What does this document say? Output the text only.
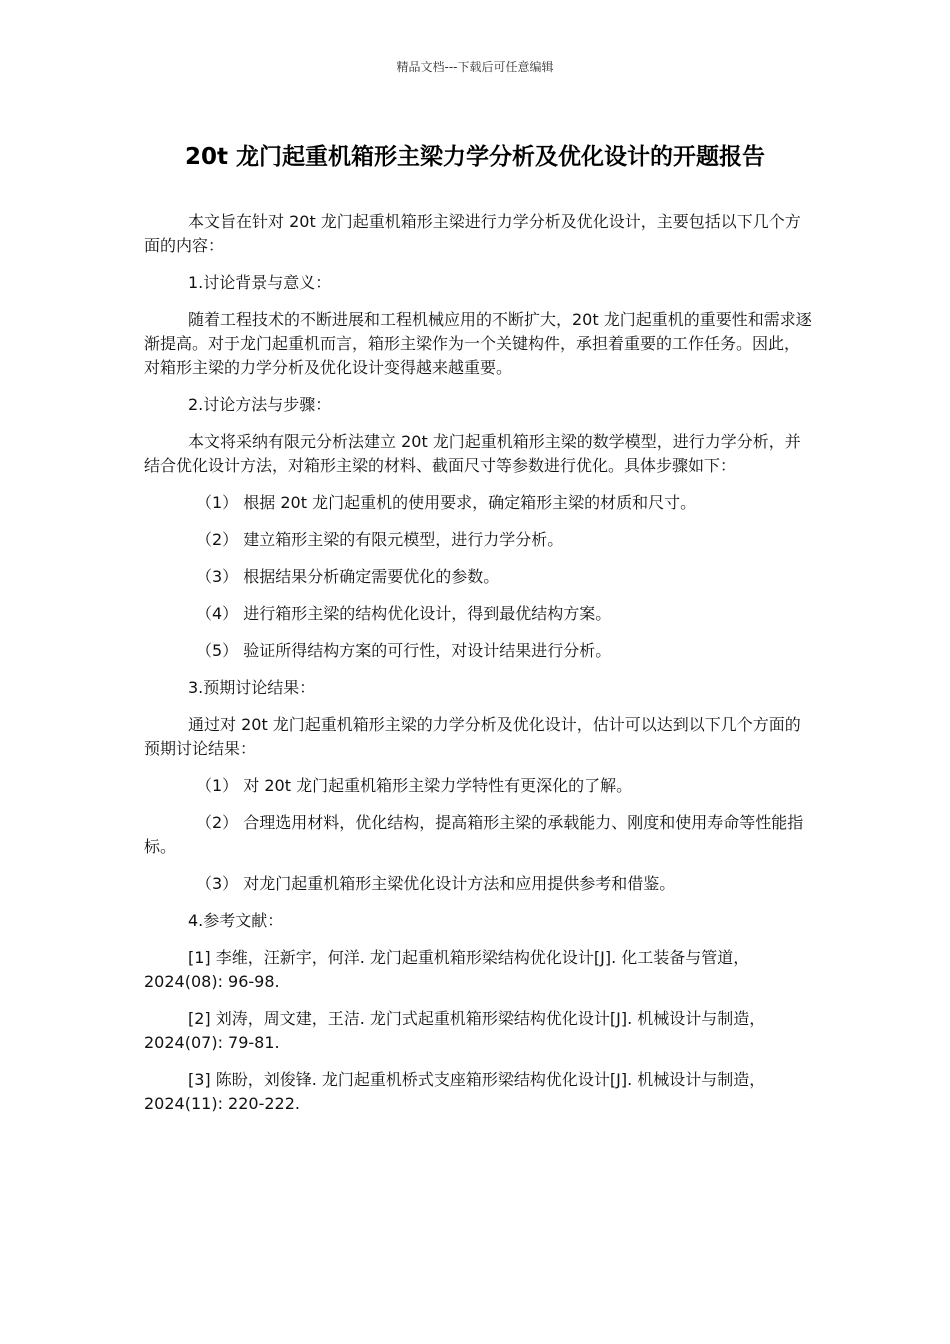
精品文档---下载后可任意编辑
20t 龙门起重机箱形主梁力学分析及优化设计的开题报告

本文旨在针对 20t 龙门起重机箱形主梁进行力学分析及优化设计，主要包括以下几个方面的内容：

1.讨论背景与意义：

随着工程技术的不断进展和工程机械应用的不断扩大，20t 龙门起重机的重要性和需求逐渐提高。对于龙门起重机而言，箱形主梁作为一个关键构件，承担着重要的工作任务。因此，对箱形主梁的力学分析及优化设计变得越来越重要。

2.讨论方法与步骤：

本文将采纳有限元分析法建立 20t 龙门起重机箱形主梁的数学模型，进行力学分析，并结合优化设计方法，对箱形主梁的材料、截面尺寸等参数进行优化。具体步骤如下：

（1） 根据 20t 龙门起重机的使用要求，确定箱形主梁的材质和尺寸。

（2） 建立箱形主梁的有限元模型，进行力学分析。

（3） 根据结果分析确定需要优化的参数。

（4） 进行箱形主梁的结构优化设计，得到最优结构方案。

（5） 验证所得结构方案的可行性，对设计结果进行分析。

3.预期讨论结果：

通过对 20t 龙门起重机箱形主梁的力学分析及优化设计，估计可以达到以下几个方面的预期讨论结果：

（1） 对 20t 龙门起重机箱形主梁力学特性有更深化的了解。

（2） 合理选用材料，优化结构，提高箱形主梁的承载能力、刚度和使用寿命等性能指标。

（3） 对龙门起重机箱形主梁优化设计方法和应用提供参考和借鉴。

4.参考文献：

[1] 李维，汪新宇，何洋. 龙门起重机箱形梁结构优化设计[J]. 化工装备与管道，2024(08): 96-98.

[2] 刘涛，周文建，王洁. 龙门式起重机箱形梁结构优化设计[J]. 机械设计与制造，2024(07): 79-81.

[3] 陈盼，刘俊锋. 龙门起重机桥式支座箱形梁结构优化设计[J]. 机械设计与制造，2024(11): 220-222.
